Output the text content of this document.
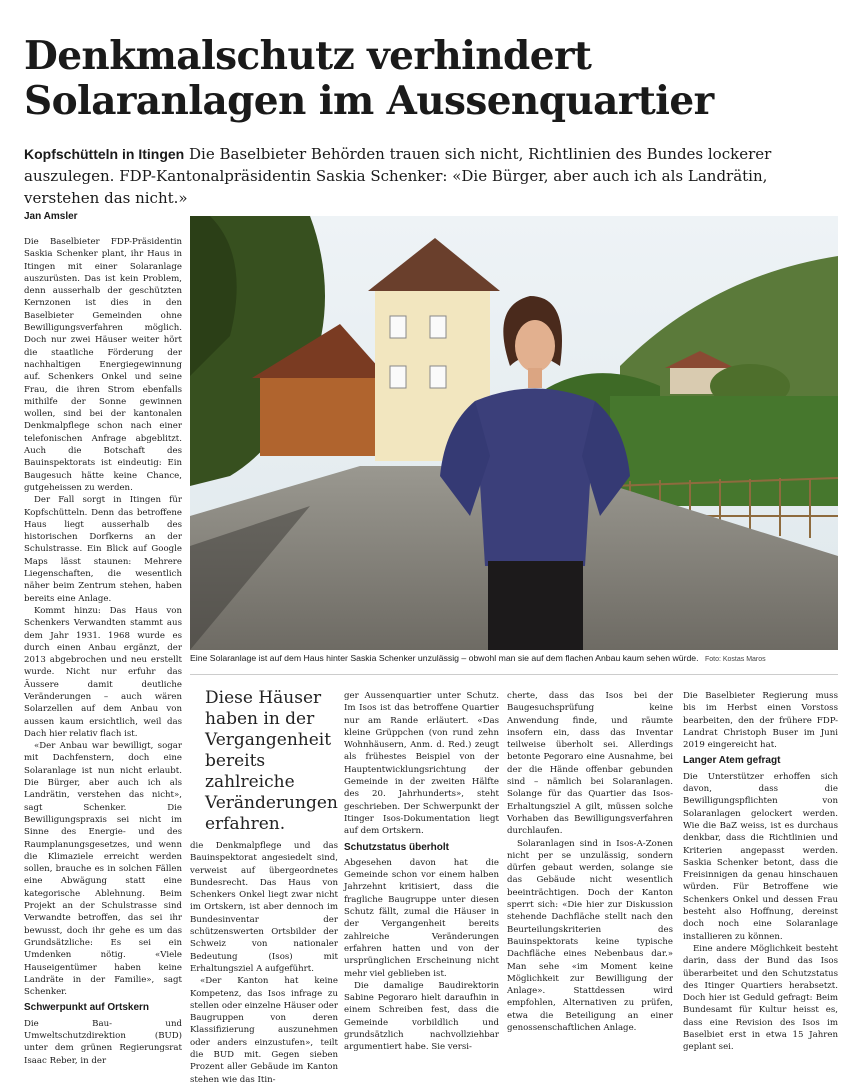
Denkmalschutz verhindert Solaranlagen im Aussenquartier
Kopfschütteln in Itingen Die Baselbieter Behörden trauen sich nicht, Richtlinien des Bundes lockerer auszulegen. FDP-Kantonalpräsidentin Saskia Schenker: «Die Bürger, aber auch ich als Landrätin, verstehen das nicht.»
Jan Amsler

Die Baselbieter FDP-Präsidentin Saskia Schenker plant, ihr Haus in Itingen mit einer Solaranlage auszurüsten. Das ist kein Problem, denn ausserhalb der geschützten Kernzonen ist dies in den Baselbieter Gemeinden ohne Bewilligungsverfahren möglich. Doch nur zwei Häuser weiter hört die staatliche Förderung der nachhaltigen Energiegewinnung auf. Schenkers Onkel und seine Frau, die ihren Strom ebenfalls mithilfe der Sonne gewinnen wollen, sind bei der kantonalen Denkmalpflege schon nach einer telefonischen Anfrage abgeblitzt. Auch die Botschaft des Bauinspektorats ist eindeutig: Ein Baugesuch hätte keine Chance, gutgeheissen zu werden.

Der Fall sorgt in Itingen für Kopfschütteln. Denn das betroffene Haus liegt ausserhalb des historischen Dorfkerns an der Schulstrasse. Ein Blick auf Google Maps lässt staunen: Mehrere Liegenschaften, die wesentlich näher beim Zentrum stehen, haben bereits eine Anlage.

Kommt hinzu: Das Haus von Schenkers Verwandten stammt aus dem Jahr 1931. 1968 wurde es durch einen Anbau ergänzt, der 2013 abgebrochen und neu erstellt wurde. Nicht nur erfuhr das Äussere damit deutliche Veränderungen – auch wären Solarzellen auf dem Anbau von aussen kaum ersichtlich, weil das Dach hier relativ flach ist.

«Der Anbau war bewilligt, sogar mit Dachfenstern, doch eine Solaranlage ist nun nicht erlaubt. Die Bürger, aber auch ich als Landrätin, verstehen das nicht», sagt Schenker. Die Bewilligungspraxis sei nicht im Sinne des Energie- und des Raumplanungsgesetzes, und wenn die Klimaziele erreicht werden sollen, brauche es in solchen Fällen eine Abwägung statt eine kategorische Ablehnung. Beim Projekt an der Schulstrasse sind Verwandte betroffen, das sei ihr bewusst, doch ihr gehe es um das Grundsätzliche: Es sei ein Umdenken nötig. «Viele Hauseigentümer haben keine Landräte in der Familie», sagt Schenker.

Schwerpunkt auf Ortskern

Die Bau- und Umweltschutzdirektion (BUD) unter dem grünen Regierungsrat Isaac Reber, in der

Eine Solaranlage ist auf dem Haus hinter Saskia Schenker unzulässig – obwohl man sie auf dem flachen Anbau kaum sehen würde. Foto: Kostas Maros
Diese Häuser haben in der Vergangenheit bereits zahlreiche Veränderungen erfahren.

die Denkmalpflege und das Bauinspektorat angesiedelt sind, verweist auf übergeordnetes Bundesrecht. Das Haus von Schenkers Onkel liegt zwar nicht im Ortskern, ist aber dennoch im Bundesinventar der schützenswerten Ortsbilder der Schweiz von nationaler Bedeutung (Isos) mit Erhaltungsziel A aufgeführt.

«Der Kanton hat keine Kompetenz, das Isos infrage zu stellen oder einzelne Häuser oder Baugruppen von deren Klassifizierung auszunehmen oder anders einzustufen», teilt die BUD mit. Gegen sieben Prozent aller Gebäude im Kanton stehen wie das Itin-

ger Aussenquartier unter Schutz. Im Isos ist das betroffene Quartier nur am Rande erläutert. «Das kleine Grüppchen (von rund zehn Wohnhäusern, Anm. d. Red.) zeugt als frühestes Beispiel von der Hauptentwicklungsrichtung der Gemeinde in der zweiten Hälfte des 20. Jahrhunderts», steht geschrieben. Der Schwerpunkt der Itinger Isos-Dokumentation liegt auf dem Ortskern.

Schutzstatus überholt

Abgesehen davon hat die Gemeinde schon vor einem halben Jahrzehnt kritisiert, dass die fragliche Baugruppe unter diesen Schutz fällt, zumal die Häuser in der Vergangenheit bereits zahlreiche Veränderungen erfahren hatten und von der ursprünglichen Erscheinung nicht mehr viel geblieben ist.

Die damalige Baudirektorin Sabine Pegoraro hielt daraufhin in einem Schreiben fest, dass die Gemeinde vorbildlich und grundsätzlich nachvollziehbar argumentiert habe. Sie versi-

cherte, dass das Isos bei der Baugesuchsprüfung keine Anwendung finde, und räumte insofern ein, dass das Inventar teilweise überholt sei. Allerdings betonte Pegoraro eine Ausnahme, bei der die Hände offenbar gebunden sind – nämlich bei Solaranlagen. Solange für das Quartier das Isos-Erhaltungsziel A gilt, müssen solche Vorhaben das Bewilligungsverfahren durchlaufen.

Solaranlagen sind in Isos-A-Zonen nicht per se unzulässig, sondern dürfen gebaut werden, solange sie das Gebäude nicht wesentlich beeinträchtigen. Doch der Kanton sperrt sich: «Die hier zur Diskussion stehende Dachfläche stellt nach den Beurteilungskriterien des Bauinspektorats keine typische Dachfläche eines Nebenbaus dar.» Man sehe «im Moment keine Möglichkeit zur Bewilligung der Anlage». Stattdessen wird empfohlen, Alternativen zu prüfen, etwa die Beteiligung an einer genossenschaftlichen Anlage.

Die Baselbieter Regierung muss bis im Herbst einen Vorstoss bearbeiten, den der frühere FDP-Landrat Christoph Buser im Juni 2019 eingereicht hat.

Langer Atem gefragt

Die Unterstützer erhoffen sich davon, dass die Bewilligungspflichten von Solaranlagen gelockert werden. Wie die BaZ weiss, ist es durchaus denkbar, dass die Richtlinien und Kriterien angepasst werden. Saskia Schenker betont, dass die Freisinnigen da genau hinschauen würden. Für Betroffene wie Schenkers Onkel und dessen Frau besteht also Hoffnung, dereinst doch noch eine Solaranlage installieren zu können.

Eine andere Möglichkeit besteht darin, dass der Bund das Isos überarbeitet und den Schutzstatus des Itinger Quartiers herabsetzt. Doch hier ist Geduld gefragt: Beim Bundesamt für Kultur heisst es, dass eine Revision des Isos im Baselbiet erst in etwa 15 Jahren geplant sei.
